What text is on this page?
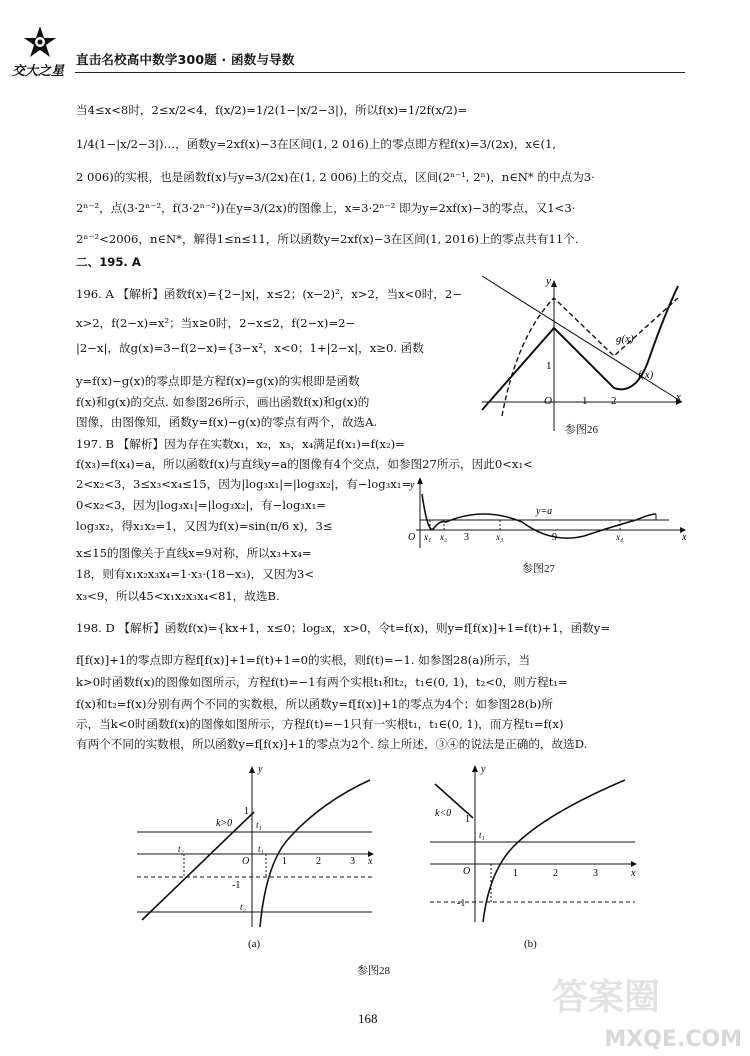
交大之星
直击名校高中数学300题 · 函数与导数
当4≤x<8时，2≤x/2<4，f(x/2)=1/2(1−|x/2−3|)，所以f(x)=1/2f(x/2)=
1/4(1−|x/2−3|)…，函数y=2xf(x)−3在区间(1, 2 016)上的零点即方程f(x)=3/(2x)，x∈(1,
2 006)的实根，也是函数f(x)与y=3/(2x)在(1, 2 006)上的交点，区间(2ⁿ⁻¹, 2ⁿ)，n∈N* 的中点为3·
2ⁿ⁻²，点(3·2ⁿ⁻²，f(3·2ⁿ⁻²))在y=3/(2x)的图像上，x=3·2ⁿ⁻² 即为y=2xf(x)−3的零点，又1<3·
2ⁿ⁻²<2006，n∈N*，解得1≤n≤11，所以函数y=2xf(x)−3在区间(1, 2016)上的零点共有11个.
二、195. A
196. A 【解析】函数f(x)={2−|x|，x≤2；(x−2)²，x>2，当x<0时，2−
x>2，f(2−x)=x²；当x≥0时，2−x≤2，f(2−x)=2−
|2−x|，故g(x)=3−f(2−x)={3−x²，x<0；1+|2−x|，x≥0. 函数
y=f(x)−g(x)的零点即是方程f(x)=g(x)的实根即是函数
f(x)和g(x)的交点. 如参图26所示，画出函数f(x)和g(x)的
图像，由图像知，函数y=f(x)−g(x)的零点有两个，故选A.
y
x
O
1
1 2
g(x)
f(x)
参图26
197. B 【解析】因为存在实数x₁，x₂，x₃，x₄满足f(x₁)=f(x₂)=
f(x₃)=f(x₄)=a，所以函数f(x)与直线y=a的图像有4个交点，如参图27所示，因此0<x₁<
2<x₂<3，3≤x₃<x₄≤15，因为|log₃x₁|=|log₃x₂|，有−log₃x₁=
0<x₂<3，因为|log₃x₁|=|log₃x₂|，有−log₃x₁=
log₃x₂，得x₁x₂=1，又因为f(x)=sin(π/6 x)，3≤
x≤15的图像关于直线x=9对称，所以x₃+x₄=
18，则有x₁x₂x₃x₄=1·x₃·(18−x₃)，又因为3<
x₃<9，所以45<x₁x₂x₃x₄<81，故选B.
y
x
O
y=a
x₁ x₂ 3	x₃	9	x₄
参图27
198. D 【解析】函数f(x)={kx+1，x≤0；log₂x，x>0，令t=f(x)，则y=f[f(x)]+1=f(t)+1，函数y=
f[f(x)]+1的零点即方程f[f(x)]+1=f(t)+1=0的实根，则f(t)=−1. 如参图28(a)所示，当
k>0时函数f(x)的图像如图所示，方程f(t)=−1有两个实根t₁和t₂，t₁∈(0, 1)，t₂<0，则方程t₁=
f(x)和t₂=f(x)分别有两个不同的实数根，所以函数y=f[f(x)]+1的零点为4个；如参图28(b)所
示，当k<0时函数f(x)的图像如图所示，方程f(t)=−1只有一实根t₁，t₁∈(0, 1)，而方程t₁=f(x)
有两个不同的实数根，所以函数y=f[f(x)]+1的零点为2个. 综上所述，③④的说法是正确的，故选D.
y
x
O
k>0
1
t₁
t₂	t₁
1	2	3
-1
t₂
(a)
y
x
O
k<0
1
t₁
1	2	3
-1
(b)
参图28
168
答案圈
MXQE.COM
